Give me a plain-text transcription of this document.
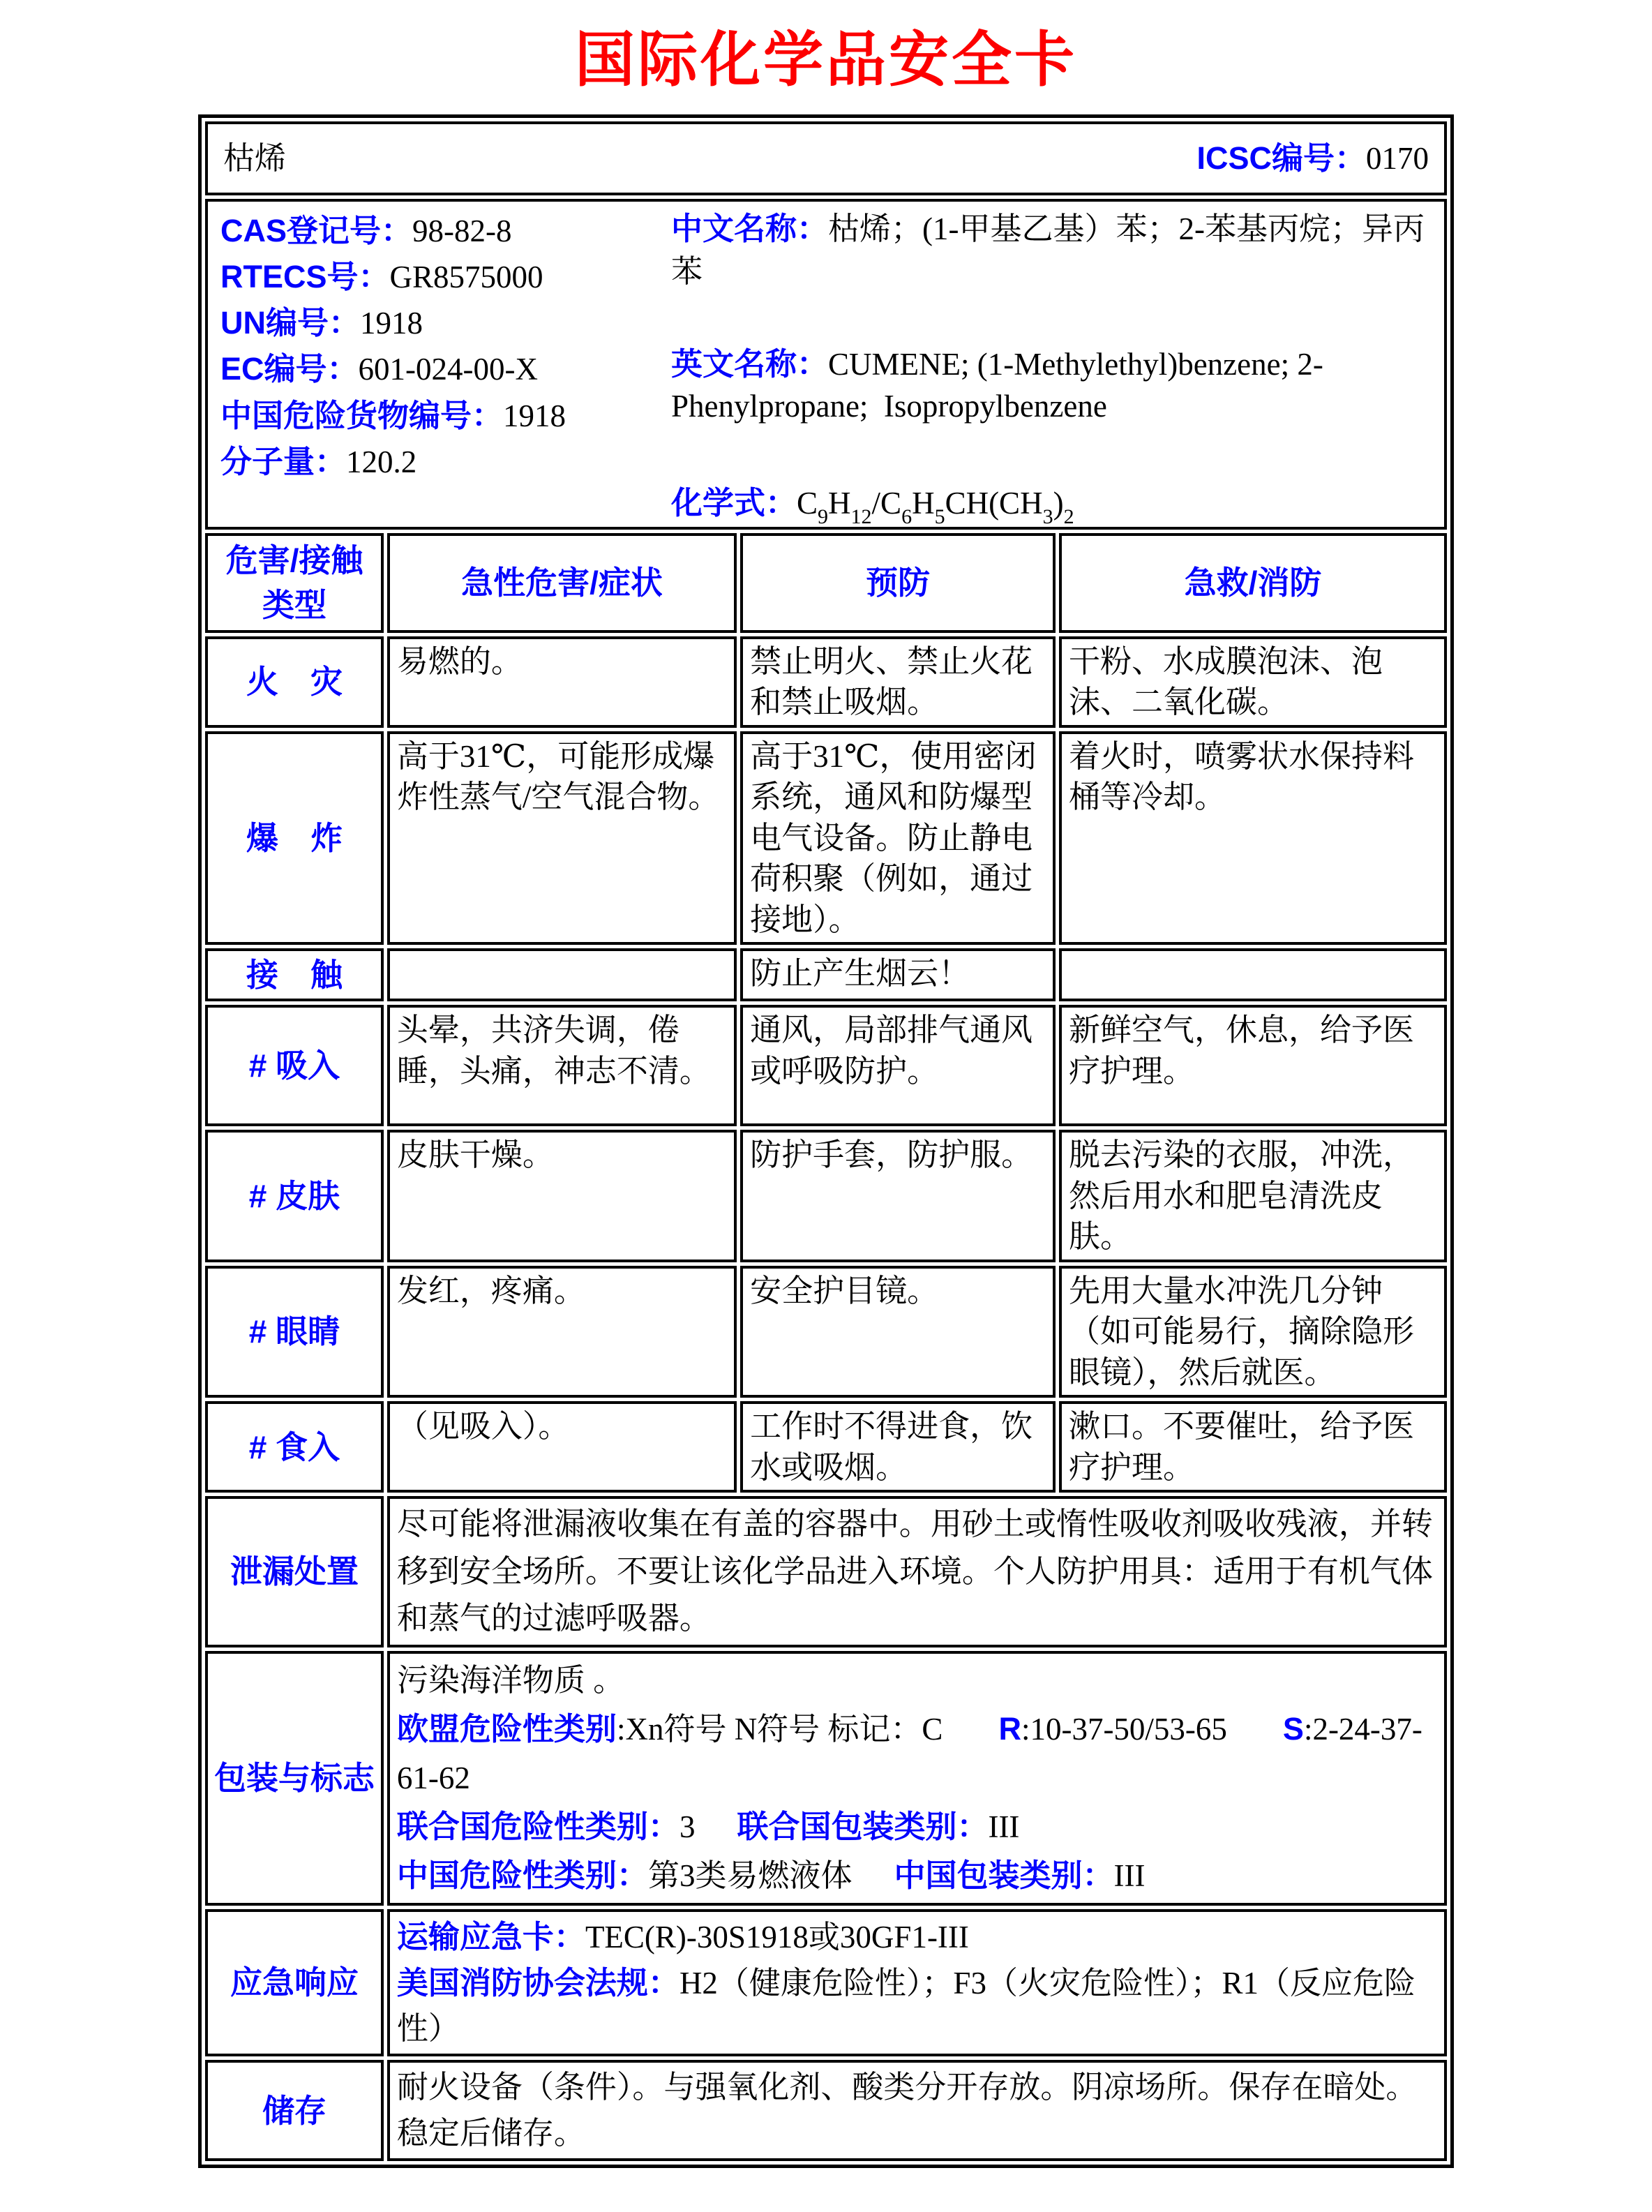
国际化学品安全卡
枯烯 ICSC编号：0170			

CAS登记号：98-82-8
RTECS号：GR8575000
UN编号：1918
EC编号：601-024-00-X
中国危险货物编号：1918
分子量：120.2

中文名称：枯烯；(1-甲基乙基）苯；2-苯基丙烷；异丙苯

英文名称：CUMENE; (1-Methylethyl)benzene; 2-Phenylpropane;  Isopropylbenzene

化学式：$C_9H_{12}/C_6H_5CH(CH_3)_2$

危害/接触类型	急性危害/症状	预防	急救/消防
火　灾	易燃的。	禁止明火、禁止火花和禁止吸烟。	干粉、水成膜泡沫、泡沫、二氧化碳。
爆　炸	高于31℃，可能形成爆炸性蒸气/空气混合物。	高于31℃，使用密闭系统，通风和防爆型电气设备。防止静电荷积聚（例如，通过接地）。	着火时，喷雾状水保持料桶等冷却。
接　触		防止产生烟云！	
# 吸入	头晕，共济失调，倦睡，头痛，神志不清。	通风，局部排气通风或呼吸防护。	新鲜空气，休息，给予医疗护理。
# 皮肤	皮肤干燥。	防护手套，防护服。	脱去污染的衣服，冲洗，然后用水和肥皂清洗皮肤。
# 眼睛	发红，疼痛。	安全护目镜。	先用大量水冲洗几分钟（如可能易行，摘除隐形眼镜），然后就医。
# 食入	（见吸入）。	工作时不得进食，饮水或吸烟。	漱口。不要催吐，给予医疗护理。
泄漏处置	尽可能将泄漏液收集在有盖的容器中。用砂土或惰性吸收剂吸收残液，并转移到安全场所。不要让该化学品进入环境。个人防护用具：适用于有机气体和蒸气的过滤呼吸器。		
包装与标志	污染海洋物质 。

欧盟危险性类别:Xn符号 N符号 标记：C R:10-37-50/53-65 S:2-24-37-61-62

联合国危险性类别：3 联合国包装类别：III

中国危险性类别：第3类易燃液体 中国包装类别：III		

应急响应	运输应急卡：TEC(R)-30S1918或30GF1-III

美国消防协会法规：H2（健康危险性）；F3（火灾危险性）；R1（反应危险性）		

储存	耐火设备（条件）。与强氧化剂、酸类分开存放。阴凉场所。保存在暗处。稳定后储存。		
